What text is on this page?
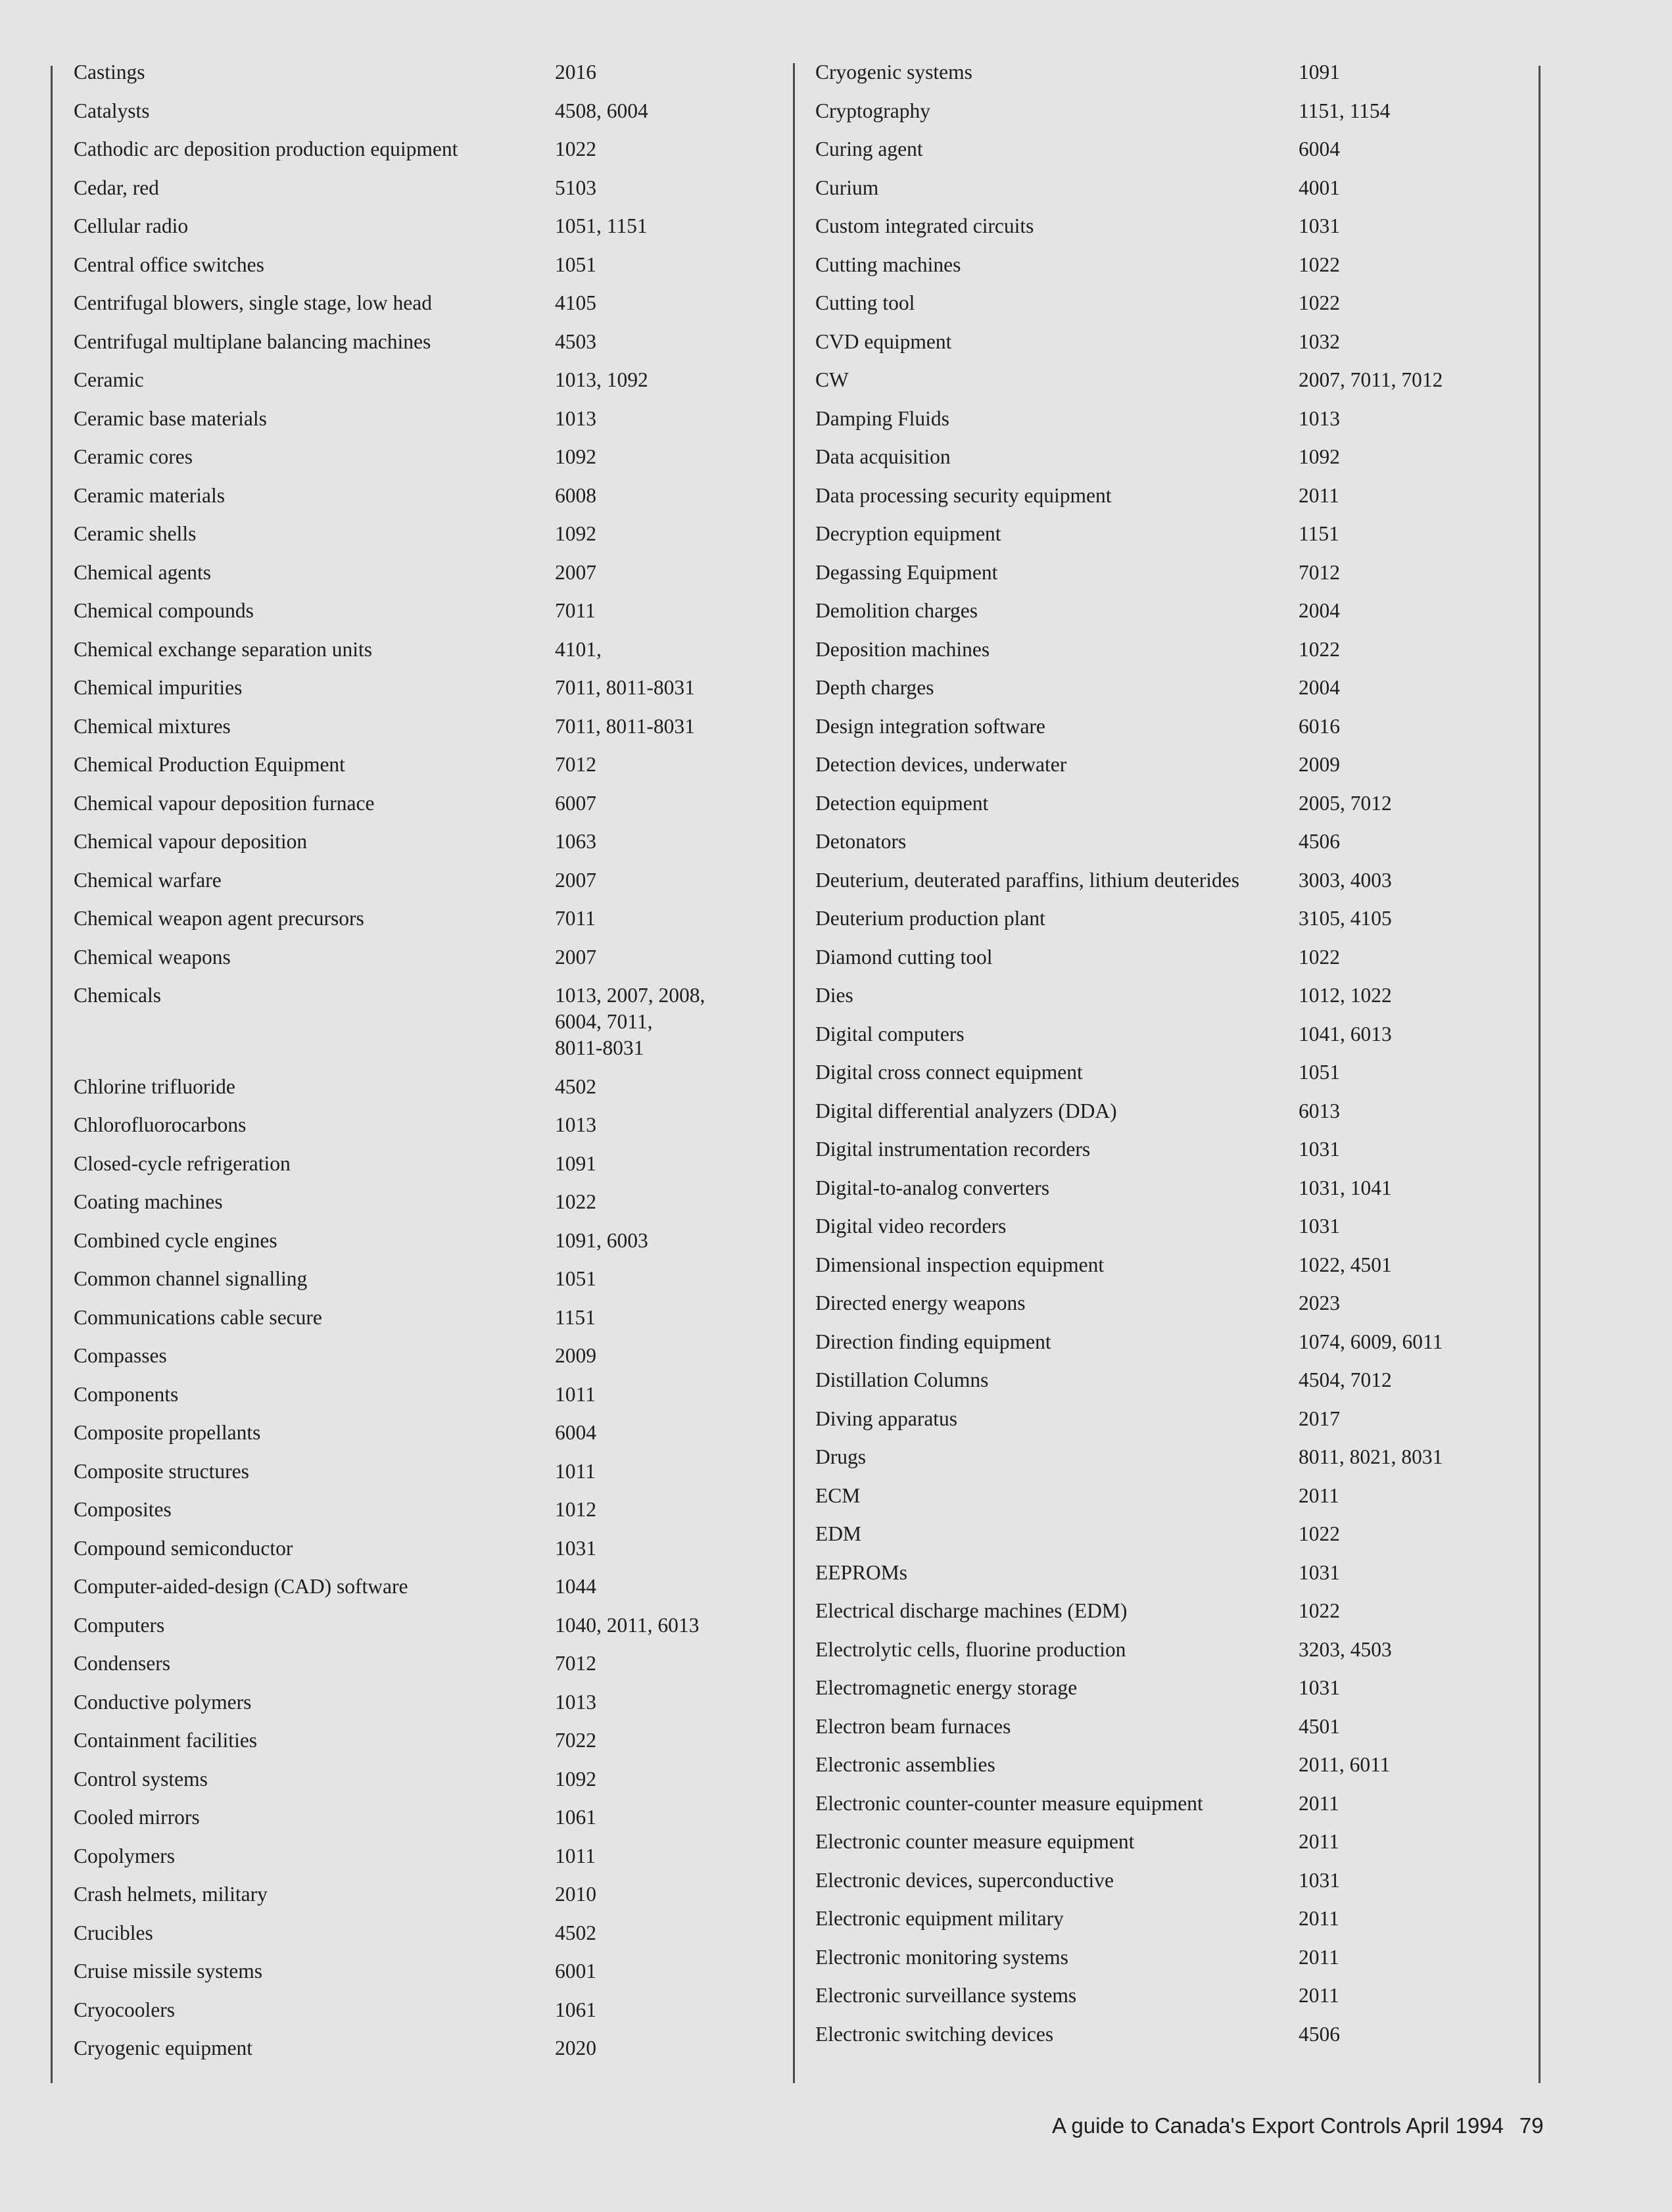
Castings	2016
Catalysts	4508, 6004
Cathodic arc deposition production equipment	1022
Cedar, red	5103
Cellular radio	1051, 1151
Central office switches	1051
Centrifugal blowers, single stage, low head	4105
Centrifugal multiplane balancing machines	4503
Ceramic	1013, 1092
Ceramic base materials	1013
Ceramic cores	1092
Ceramic materials	6008
Ceramic shells	1092
Chemical agents	2007
Chemical compounds	7011
Chemical exchange separation units	4101,
Chemical impurities	7011, 8011-8031
Chemical mixtures	7011, 8011-8031
Chemical Production Equipment	7012
Chemical vapour deposition furnace	6007
Chemical vapour deposition	1063
Chemical warfare	2007
Chemical weapon agent precursors	7011
Chemical weapons	2007
Chemicals	1013, 2007, 2008,
6004, 7011,
8011-8031
Chlorine trifluoride	4502
Chlorofluorocarbons	1013
Closed-cycle refrigeration	1091
Coating machines	1022
Combined cycle engines	1091, 6003
Common channel signalling	1051
Communications cable secure	1151
Compasses	2009
Components	1011
Composite propellants	6004
Composite structures	1011
Composites	1012
Compound semiconductor	1031
Computer-aided-design (CAD) software	1044
Computers	1040, 2011, 6013
Condensers	7012
Conductive polymers	1013
Containment facilities	7022
Control systems	1092
Cooled mirrors	1061
Copolymers	1011
Crash helmets, military	2010
Crucibles	4502
Cruise missile systems	6001
Cryocoolers	1061
Cryogenic equipment	2020
Cryogenic systems	1091
Cryptography	1151, 1154
Curing agent	6004
Curium	4001
Custom integrated circuits	1031
Cutting machines	1022
Cutting tool	1022
CVD equipment	1032
CW	2007, 7011, 7012
Damping Fluids	1013
Data acquisition	1092
Data processing security equipment	2011
Decryption equipment	1151
Degassing Equipment	7012
Demolition charges	2004
Deposition machines	1022
Depth charges	2004
Design integration software	6016
Detection devices, underwater	2009
Detection equipment	2005, 7012
Detonators	4506
Deuterium, deuterated paraffins, lithium deuterides	3003, 4003
Deuterium production plant	3105, 4105
Diamond cutting tool	1022
Dies	1012, 1022
Digital computers	1041, 6013
Digital cross connect equipment	1051
Digital differential analyzers (DDA)	6013
Digital instrumentation recorders	1031
Digital-to-analog converters	1031, 1041
Digital video recorders	1031
Dimensional inspection equipment	1022, 4501
Directed energy weapons	2023
Direction finding equipment	1074, 6009, 6011
Distillation Columns	4504, 7012
Diving apparatus	2017
Drugs	8011, 8021, 8031
ECM	2011
EDM	1022
EEPROMs	1031
Electrical discharge machines (EDM)	1022
Electrolytic cells, fluorine production	3203, 4503
Electromagnetic energy storage	1031
Electron beam furnaces	4501
Electronic assemblies	2011, 6011
Electronic counter-counter measure equipment	2011
Electronic counter measure equipment	2011
Electronic devices, superconductive	1031
Electronic equipment military	2011
Electronic monitoring systems	2011
Electronic surveillance systems	2011
Electronic switching devices	4506
A guide to Canada's Export Controls April 1994 79
